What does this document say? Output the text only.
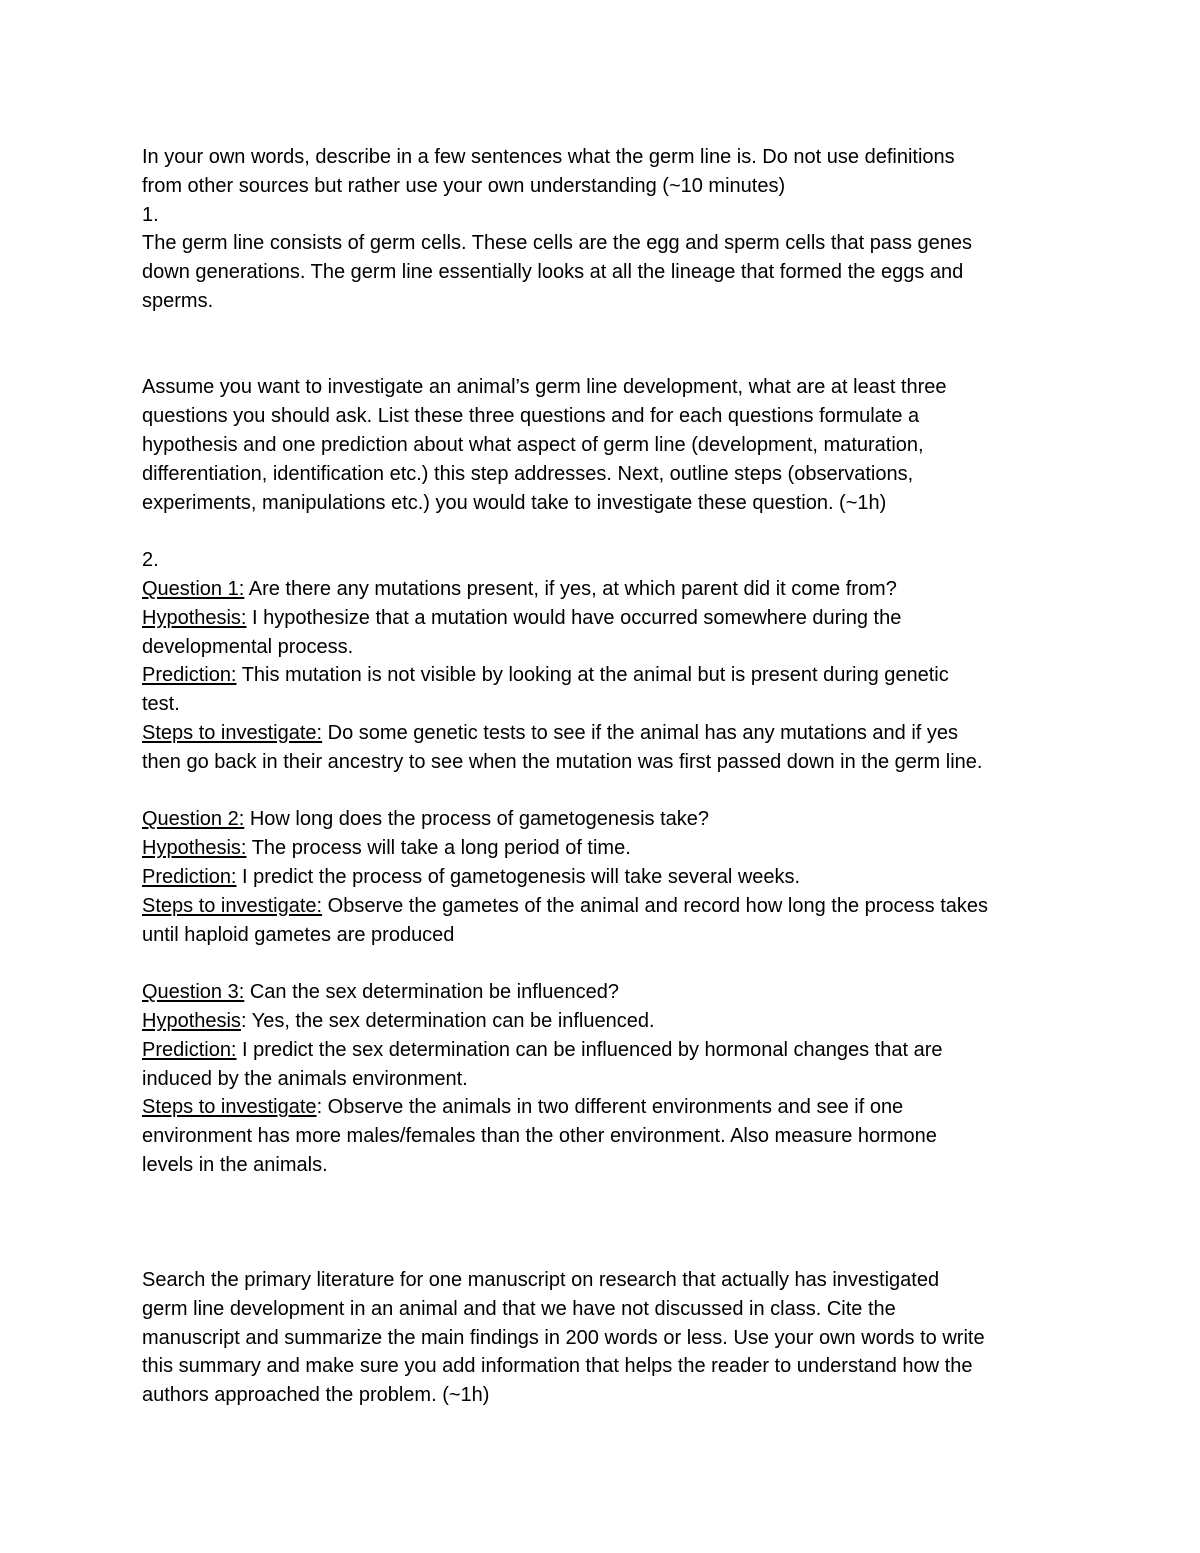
In your own words, describe in a few sentences what the germ line is. Do not use definitions
from other sources but rather use your own understanding (~10 minutes)
1.
The germ line consists of germ cells. These cells are the egg and sperm cells that pass genes
down generations. The germ line essentially looks at all the lineage that formed the eggs and
sperms.
Assume you want to investigate an animal’s germ line development, what are at least three
questions you should ask. List these three questions and for each questions formulate a
hypothesis and one prediction about what aspect of germ line (development, maturation,
differentiation, identification etc.) this step addresses. Next, outline steps (observations,
experiments, manipulations etc.) you would take to investigate these question. (~1h)
2.
Question 1: Are there any mutations present, if yes, at which parent did it come from?
Hypothesis: I hypothesize that a mutation would have occurred somewhere during the
developmental process.
Prediction: This mutation is not visible by looking at the animal but is present during genetic
test.
Steps to investigate: Do some genetic tests to see if the animal has any mutations and if yes
then go back in their ancestry to see when the mutation was first passed down in the germ line.
Question 2: How long does the process of gametogenesis take?
Hypothesis: The process will take a long period of time.
Prediction: I predict the process of gametogenesis will take several weeks.
Steps to investigate: Observe the gametes of the animal and record how long the process takes
until haploid gametes are produced
Question 3: Can the sex determination be influenced?
Hypothesis: Yes, the sex determination can be influenced.
Prediction: I predict the sex determination can be influenced by hormonal changes that are
induced by the animals environment.
Steps to investigate: Observe the animals in two different environments and see if one
environment has more males/females than the other environment. Also measure hormone
levels in the animals.
Search the primary literature for one manuscript on research that actually has investigated
germ line development in an animal and that we have not discussed in class. Cite the
manuscript and summarize the main findings in 200 words or less. Use your own words to write
this summary and make sure you add information that helps the reader to understand how the
authors approached the problem. (~1h)
